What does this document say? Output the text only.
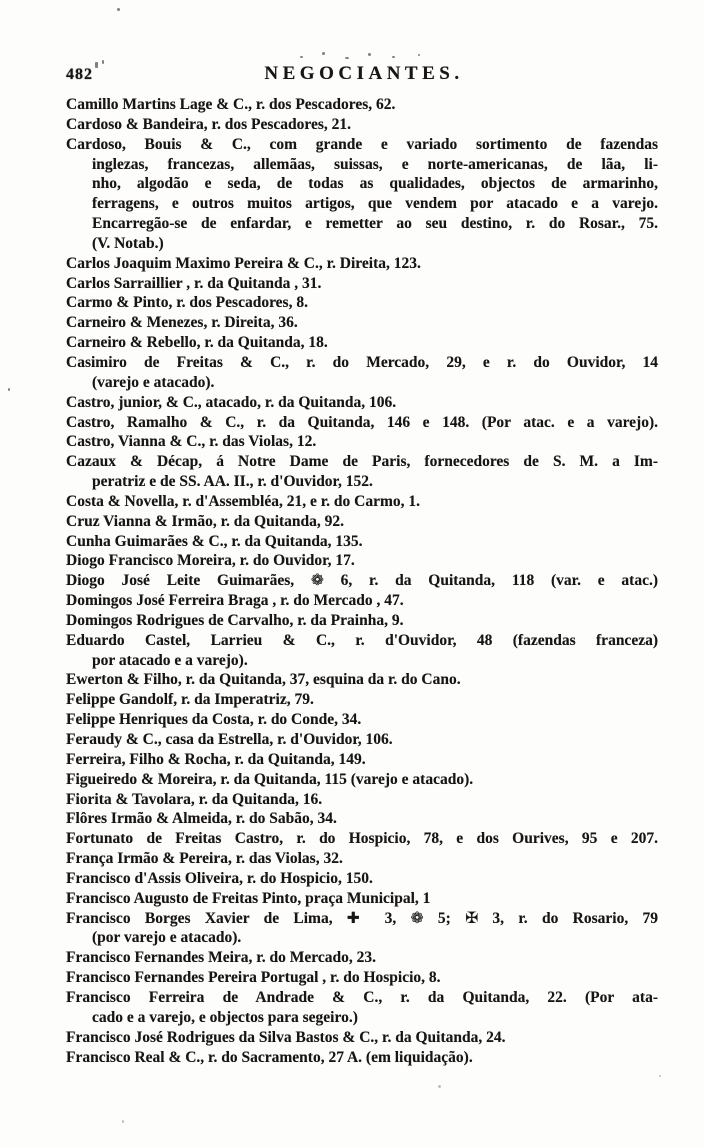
482	NEGOCIANTES.
Camillo Martins Lage & C., r. dos Pescadores, 62.
Cardoso & Bandeira, r. dos Pescadores, 21.
Cardoso, Bouis & C., com grande e variado sortimento de fazendas
inglezas, francezas, allemãas, suissas, e norte-americanas, de lãa, li-
nho, algodão e seda, de todas as qualidades, objectos de armarinho,
ferragens, e outros muitos artigos, que vendem por atacado e a varejo.
Encarregão-se de enfardar, e remetter ao seu destino, r. do Rosar., 75.
(V. Notab.)
Carlos Joaquim Maximo Pereira & C., r. Direita, 123.
Carlos Sarraillier , r. da Quitanda , 31.
Carmo & Pinto, r. dos Pescadores, 8.
Carneiro & Menezes, r. Direita, 36.
Carneiro & Rebello, r. da Quitanda, 18.
Casimiro de Freitas & C., r. do Mercado, 29, e r. do Ouvidor, 14
(varejo e atacado).
Castro, junior, & C., atacado, r. da Quitanda, 106.
Castro, Ramalho & C., r. da Quitanda, 146 e 148. (Por atac. e a varejo).
Castro, Vianna & C., r. das Violas, 12.
Cazaux & Décap, á Notre Dame de Paris, fornecedores de S. M. a Im-
peratriz e de SS. AA. II., r. d'Ouvidor, 152.
Costa & Novella, r. d'Assembléa, 21, e r. do Carmo, 1.
Cruz Vianna & Irmão, r. da Quitanda, 92.
Cunha Guimarães & C., r. da Quitanda, 135.
Diogo Francisco Moreira, r. do Ouvidor, 17.
Diogo José Leite Guimarães, ❁ 6, r. da Quitanda, 118 (var. e atac.)
Domingos José Ferreira Braga , r. do Mercado , 47.
Domingos Rodrigues de Carvalho, r. da Prainha, 9.
Eduardo Castel, Larrieu & C., r. d'Ouvidor, 48 (fazendas franceza)
por atacado e a varejo).
Ewerton & Filho, r. da Quitanda, 37, esquina da r. do Cano.
Felippe Gandolf, r. da Imperatriz, 79.
Felippe Henriques da Costa, r. do Conde, 34.
Feraudy & C., casa da Estrella, r. d'Ouvidor, 106.
Ferreira, Filho & Rocha, r. da Quitanda, 149.
Figueiredo & Moreira, r. da Quitanda, 115 (varejo e atacado).
Fiorita & Tavolara, r. da Quitanda, 16.
Flôres Irmão & Almeida, r. do Sabão, 34.
Fortunato de Freitas Castro, r. do Hospicio, 78, e dos Ourives, 95 e 207.
França Irmão & Pereira, r. das Violas, 32.
Francisco d'Assis Oliveira, r. do Hospicio, 150.
Francisco Augusto de Freitas Pinto, praça Municipal, 1
Francisco Borges Xavier de Lima, ✚ 3, ❁ 5; ✠ 3, r. do Rosario, 79
(por varejo e atacado).
Francisco Fernandes Meira, r. do Mercado, 23.
Francisco Fernandes Pereira Portugal , r. do Hospicio, 8.
Francisco Ferreira de Andrade & C., r. da Quitanda, 22. (Por ata-
cado e a varejo, e objectos para segeiro.)
Francisco José Rodrigues da Silva Bastos & C., r. da Quitanda, 24.
Francisco Real & C., r. do Sacramento, 27 A. (em liquidação).
